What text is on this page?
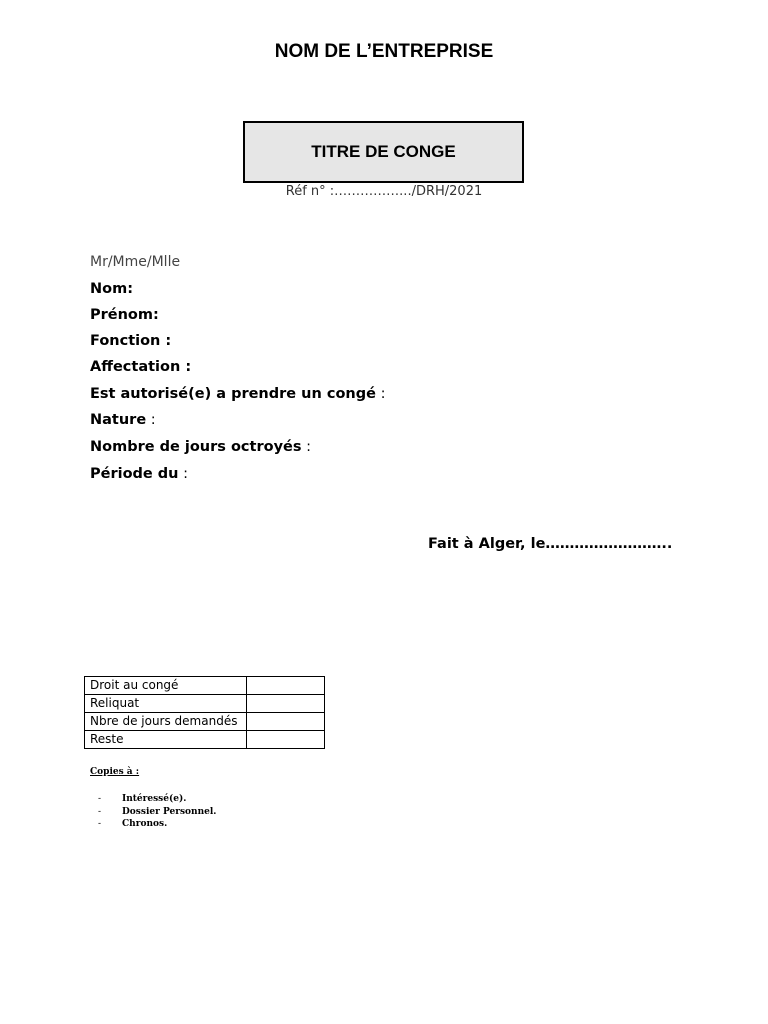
NOM DE L’ENTREPRISE
TITRE DE CONGE
Réf n° :…………….../DRH/2021
Mr/Mme/Mlle
Nom:
Prénom:
Fonction :
Affectation :
Est autorisé(e) a prendre un congé :
Nature :
Nombre de jours octroyés :
Période du :
Fait à Alger, le……………………..
Droit au congé	
Reliquat	
Nbre de jours demandés	
Reste	
Copies à :
- Intéressé(e).
- Dossier Personnel.
- Chronos.
